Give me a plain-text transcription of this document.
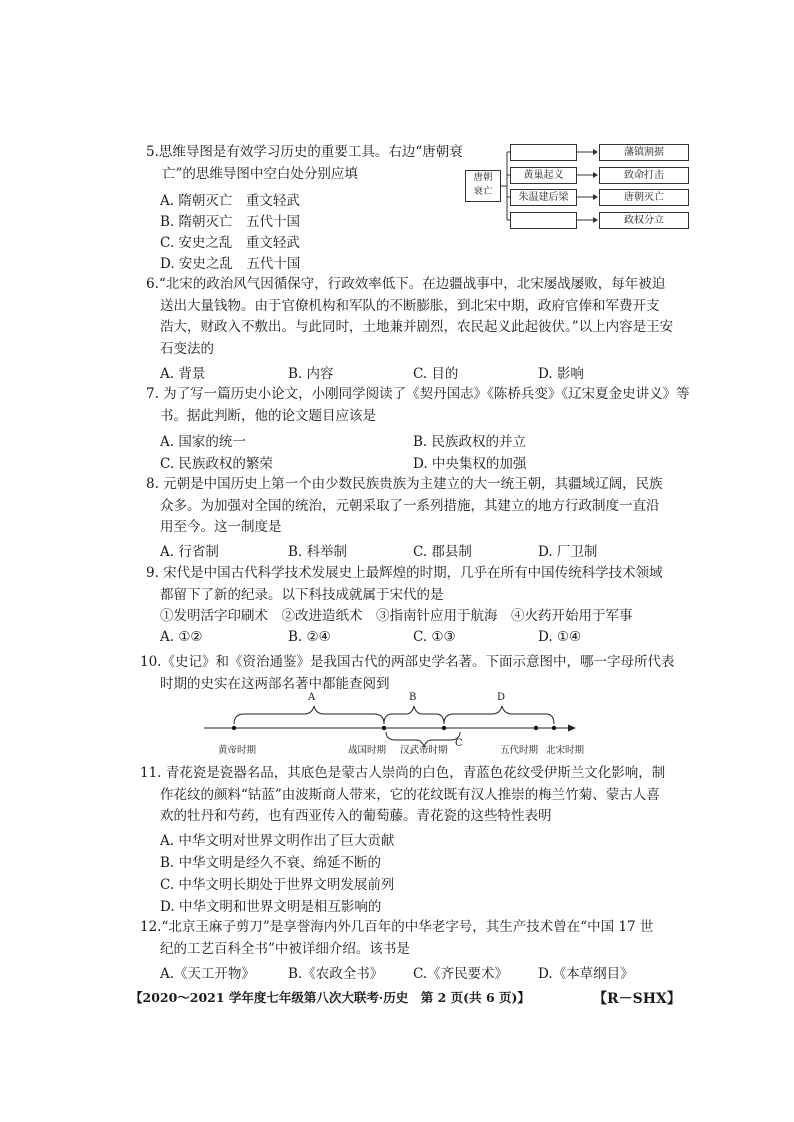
5.思维导图是有效学习历史的重要工具。右边“唐朝衰
亡”的思维导图中空白处分别应填
A. 隋朝灭亡　重文轻武
B. 隋朝灭亡　五代十国
C. 安史之乱　重文轻武
D. 安史之乱　五代十国
唐朝
衰亡
黄巢起义
朱温建后梁
藩镇割据
致命打击
唐朝灭亡
政权分立
6.“北宋的政治风气因循保守，行政效率低下。在边疆战事中，北宋屡战屡败，每年被迫
送出大量钱物。由于官僚机构和军队的不断膨胀，到北宋中期，政府官俸和军费开支
浩大，财政入不敷出。与此同时，土地兼并剧烈，农民起义此起彼伏。”以上内容是王安
石变法的
A. 背景	B. 内容	C. 目的	D. 影响
7. 为了写一篇历史小论文，小刚同学阅读了《契丹国志》《陈桥兵变》《辽宋夏金史讲义》等
书。据此判断，他的论文题目应该是
A. 国家的统一	B. 民族政权的并立
C. 民族政权的繁荣	D. 中央集权的加强
8. 元朝是中国历史上第一个由少数民族贵族为主建立的大一统王朝，其疆域辽阔，民族
众多。为加强对全国的统治，元朝采取了一系列措施，其建立的地方行政制度一直沿
用至今。这一制度是
A. 行省制	B. 科举制	C. 郡县制	D. 厂卫制
9. 宋代是中国古代科学技术发展史上最辉煌的时期，几乎在所有中国传统科学技术领域
都留下了新的纪录。以下科技成就属于宋代的是
①发明活字印刷术　②改进造纸术　③指南针应用于航海　④火药开始用于军事
A. ①②	B. ②④	C. ①③	D. ①④
10.《史记》和《资治通鉴》是我国古代的两部史学名著。下面示意图中，哪一字母所代表
时期的史实在这两部名著中都能查阅到
A	B	D
C
黄帝时期	战国时期 汉武帝时期	五代时期 北宋时期
11. 青花瓷是瓷器名品，其底色是蒙古人崇尚的白色，青蓝色花纹受伊斯兰文化影响，制
作花纹的颜料“钴蓝”由波斯商人带来，它的花纹既有汉人推崇的梅兰竹菊、蒙古人喜
欢的牡丹和芍药，也有西亚传入的葡萄藤。青花瓷的这些特性表明
A. 中华文明对世界文明作出了巨大贡献
B. 中华文明是经久不衰、绵延不断的
C. 中华文明长期处于世界文明发展前列
D. 中华文明和世界文明是相互影响的
12.“北京王麻子剪刀”是享誉海内外几百年的中华老字号，其生产技术曾在“中国 17 世
纪的工艺百科全书”中被详细介绍。该书是
A.《天工开物》 B.《农政全书》 C.《齐民要术》 D.《本草纲目》
【2020～2021 学年度七年级第八次大联考·历史　第 2 页(共 6 页)】	【R－SHX】
